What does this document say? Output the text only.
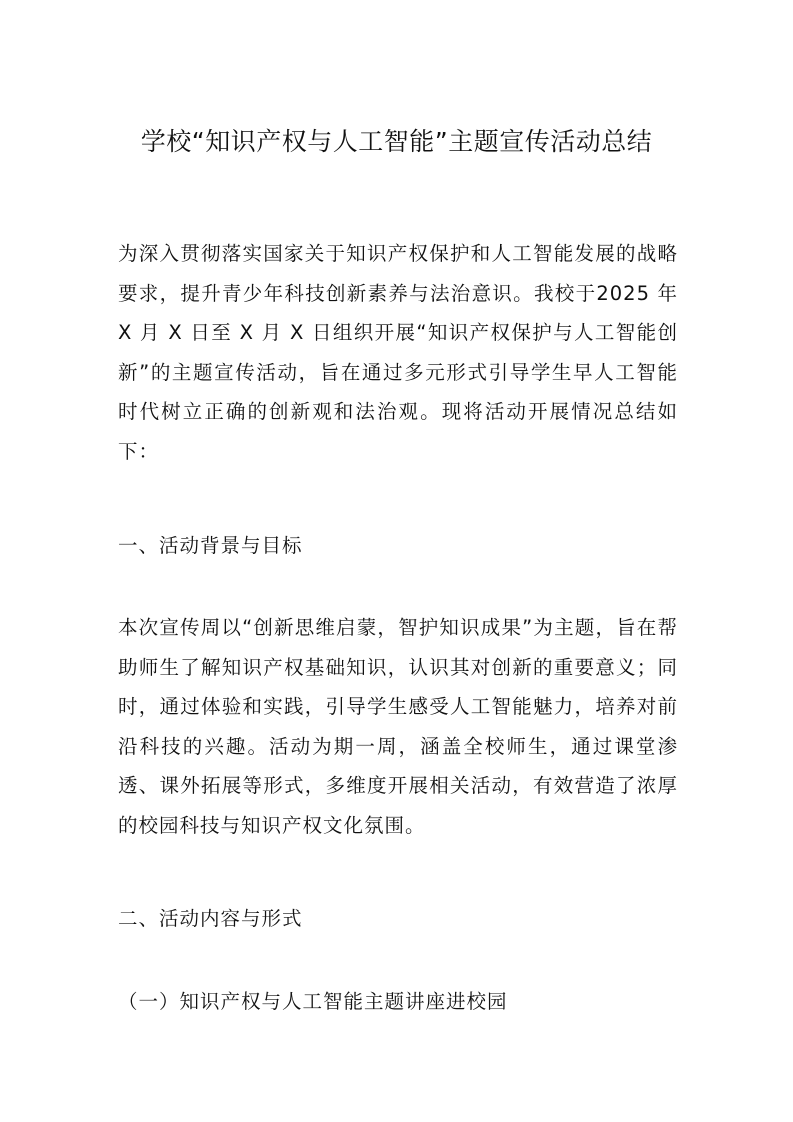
学校“知识产权与人工智能”主题宣传活动总结

为深入贯彻落实国家关于知识产权保护和人工智能发展的战略要求，提升青少年科技创新素养与法治意识。我校于2025 年 X 月 X 日至 X 月 X 日组织开展“知识产权保护与人工智能创新”的主题宣传活动，旨在通过多元形式引导学生早人工智能时代树立正确的创新观和法治观。现将活动开展情况总结如下：

一、活动背景与目标

本次宣传周以“创新思维启蒙，智护知识成果”为主题，旨在帮助师生了解知识产权基础知识，认识其对创新的重要意义；同时，通过体验和实践，引导学生感受人工智能魅力，培养对前沿科技的兴趣。活动为期一周，涵盖全校师生，通过课堂渗透、课外拓展等形式，多维度开展相关活动，有效营造了浓厚的校园科技与知识产权文化氛围。

二、活动内容与形式

（一）知识产权与人工智能主题讲座进校园
